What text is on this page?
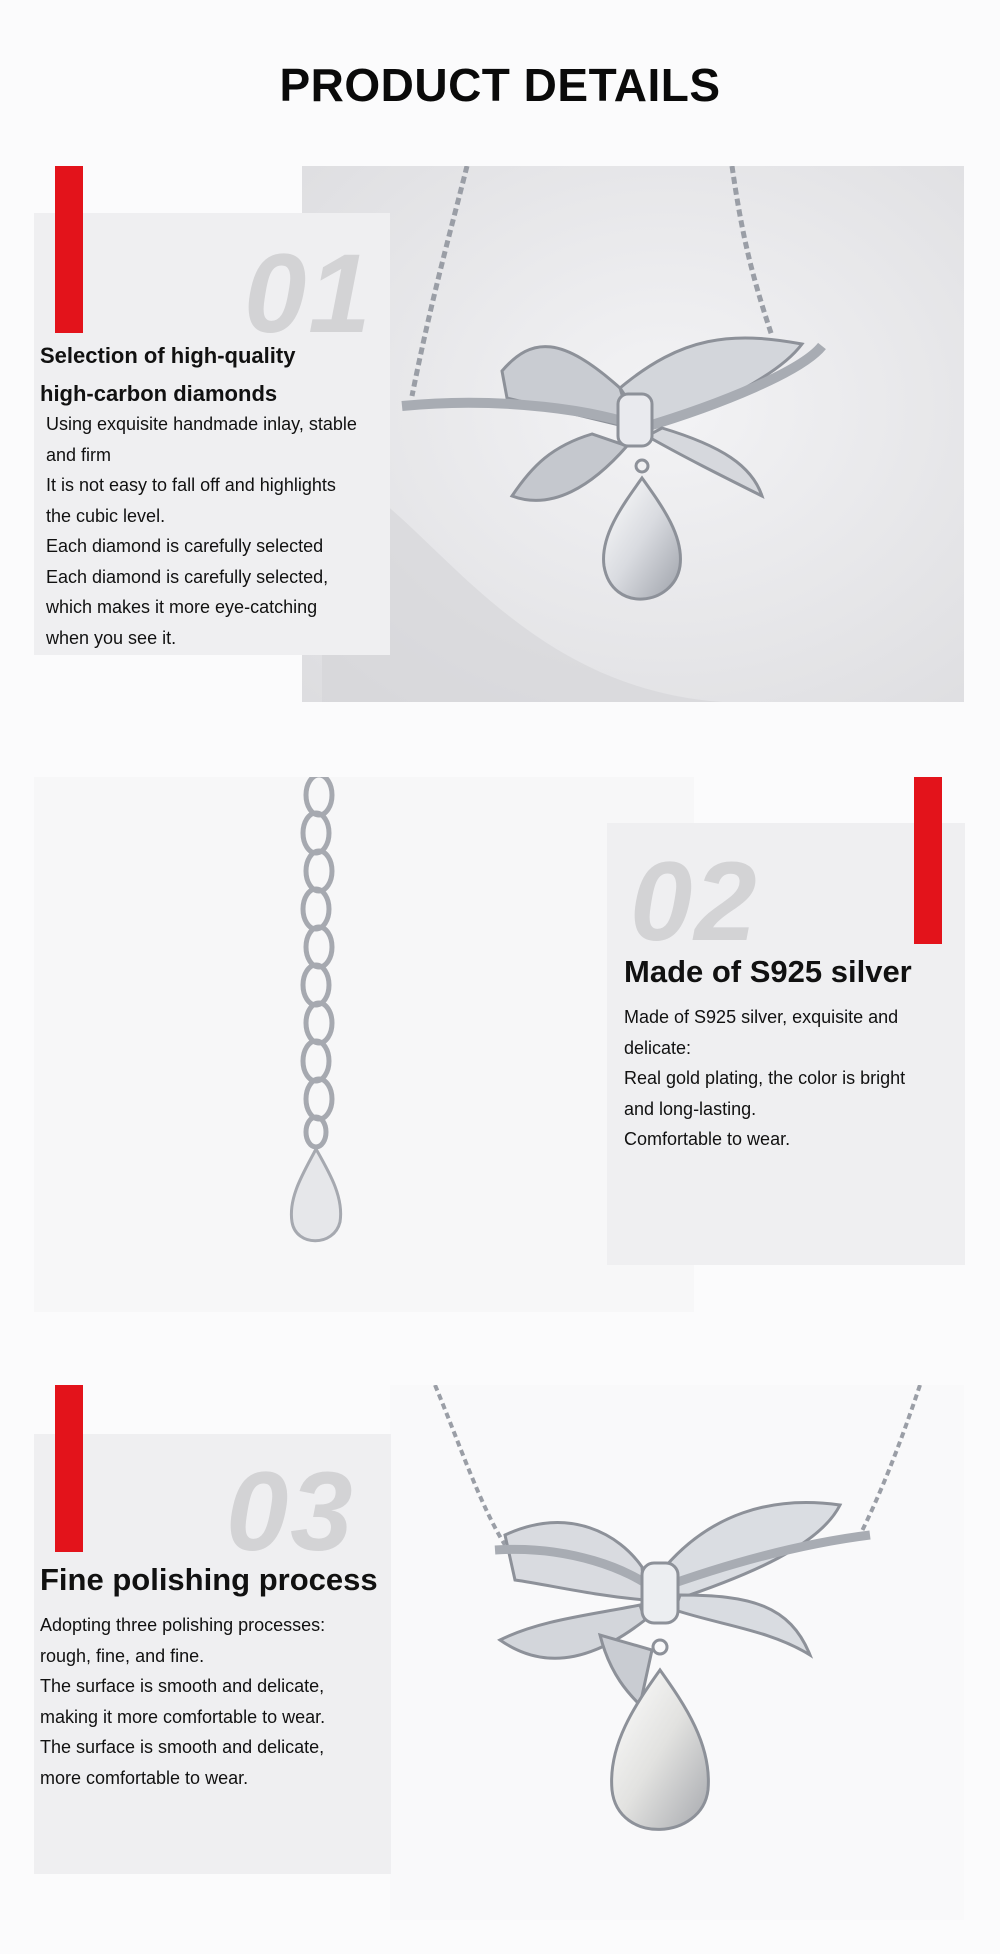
PRODUCT DETAILS
01
Selection of high-quality
high-carbon diamonds
Using exquisite handmade inlay, stable
and firm
It is not easy to fall off and highlights
the cubic level.
Each diamond is carefully selected
Each diamond is carefully selected,
which makes it more eye-catching
when you see it.
02
Made of S925 silver
Made of S925 silver, exquisite and
delicate:
Real gold plating, the color is bright
and long-lasting.
Comfortable to wear.
03
Fine polishing process
Adopting three polishing processes:
rough, fine, and fine.
The surface is smooth and delicate,
making it more comfortable to wear.
The surface is smooth and delicate,
more comfortable to wear.
